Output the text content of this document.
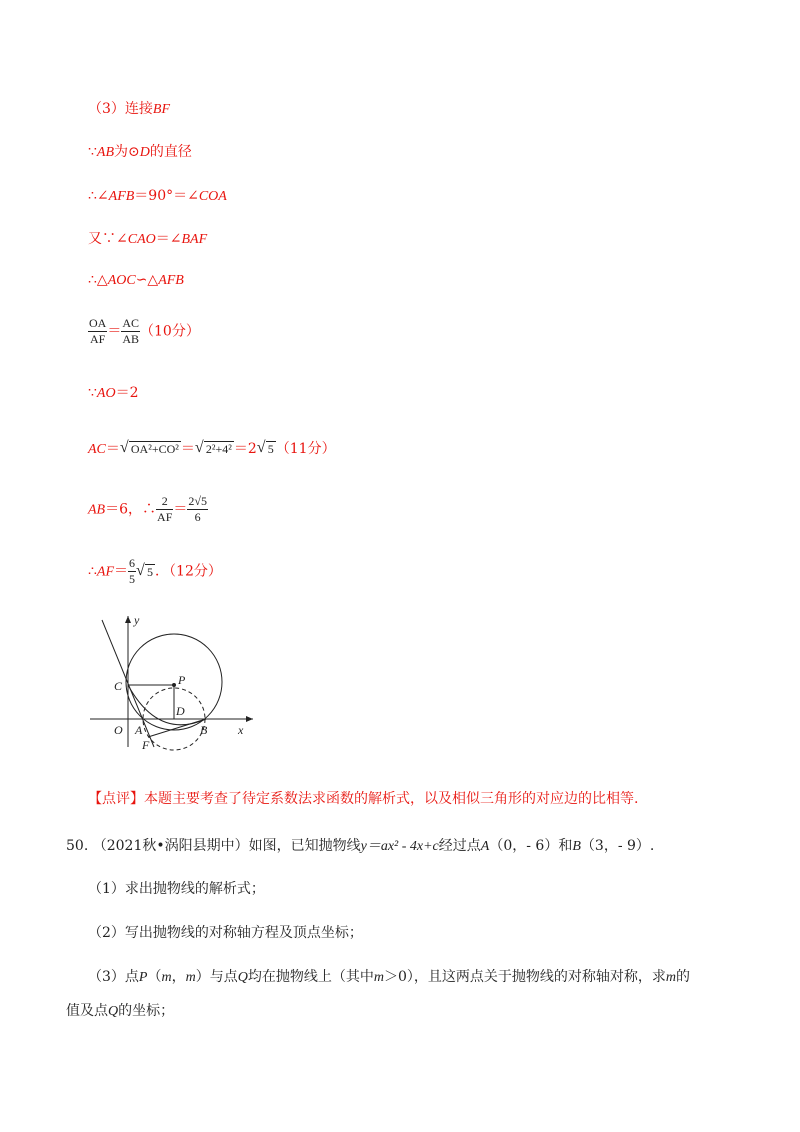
（3）连接BF
∵AB为⊙D的直径
∴∠AFB＝90°＝∠COA
又∵∠CAO＝∠BAF
∴△AOC∽△AFB
$\frac{OA}{AF} = \frac{AC}{AB} (10$分）
∵AO＝2
AC＝ √ OA²+CO² ＝ √ 2²+4² ＝2 √ 5 （11分）
AB＝6，∴ $\frac{2}{AF} = \frac{2√5}{6}$
∴AF＝ $\frac{6}{5}$ √ 5 ．（12分）
y
x
C	P
D
O A	B
F
【点评】本题主要考查了待定系数法求函数的解析式，以及相似三角形的对应边的比相等.
50. （2021秋•涡阳县期中）如图，已知抛物线y＝ax² - 4x+c经过点A（0，- 6）和B（3，- 9）.
（1）求出抛物线的解析式；
（2）写出抛物线的对称轴方程及顶点坐标；
（3）点P（m，m）与点Q均在抛物线上（其中m＞0），且这两点关于抛物线的对称轴对称，求m的
值及点Q的坐标；
